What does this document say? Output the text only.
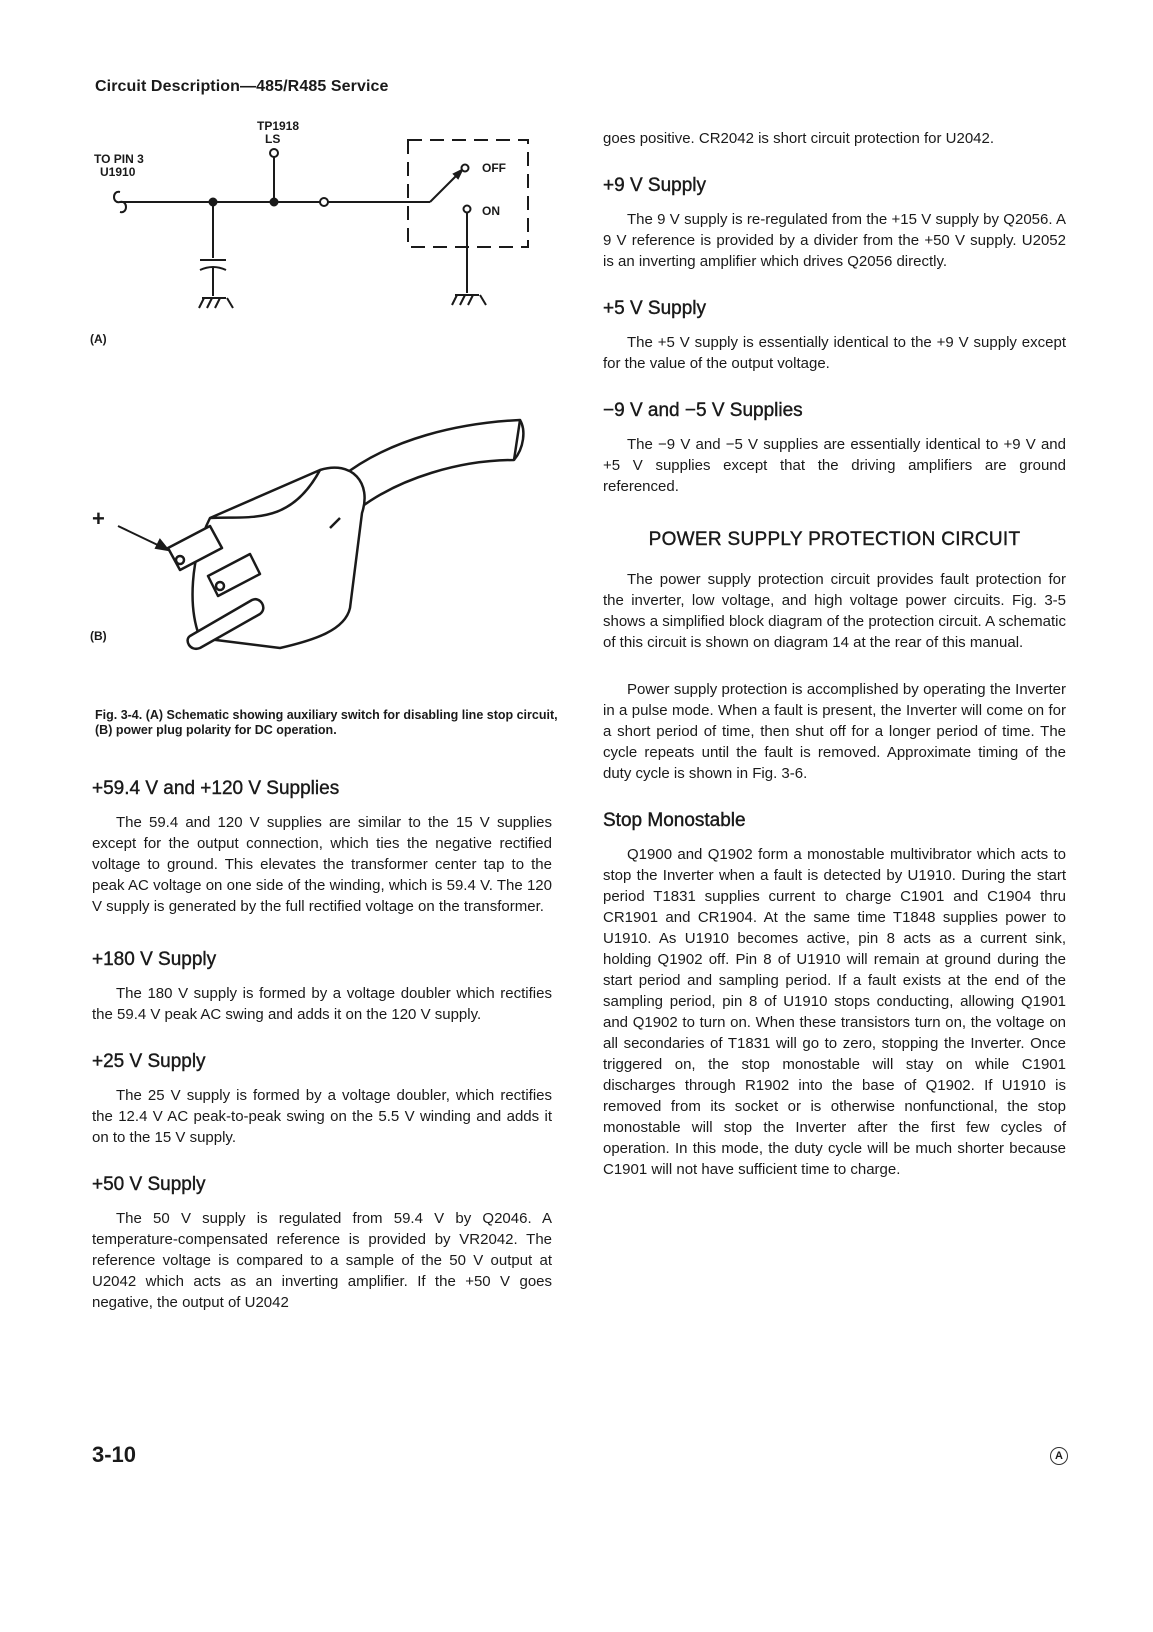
Circuit Description—485/R485 Service
TP1918
LS
TO PIN 3
U1910	OFF
ON
(A)
+
(B)
Fig. 3-4. (A) Schematic showing auxiliary switch for disabling line stop circuit, (B) power plug polarity for DC operation.
+59.4 V and +120 V Supplies

The 59.4 and 120 V supplies are similar to the 15 V supplies except for the output connection, which ties the negative rectified voltage to ground. This elevates the transformer center tap to the peak AC voltage on one side of the winding, which is 59.4 V. The 120 V supply is generated by the full rectified voltage on the transformer.

+180 V Supply

The 180 V supply is formed by a voltage doubler which rectifies the 59.4 V peak AC swing and adds it on the 120 V supply.

+25 V Supply

The 25 V supply is formed by a voltage doubler, which rectifies the 12.4 V AC peak-to-peak swing on the 5.5 V winding and adds it on to the 15 V supply.

+50 V Supply

The 50 V supply is regulated from 59.4 V by Q2046. A temperature-compensated reference is provided by VR2042. The reference voltage is compared to a sample of the 50 V output at U2042 which acts as an inverting amplifier. If the +50 V goes negative, the output of U2042

goes positive. CR2042 is short circuit protection for U2042.

+9 V Supply

The 9 V supply is re-regulated from the +15 V supply by Q2056. A 9 V reference is provided by a divider from the +50 V supply. U2052 is an inverting amplifier which drives Q2056 directly.

+5 V Supply

The +5 V supply is essentially identical to the +9 V supply except for the value of the output voltage.

−9 V and −5 V Supplies

The −9 V and −5 V supplies are essentially identical to +9 V and +5 V supplies except that the driving amplifiers are ground referenced.

POWER SUPPLY PROTECTION CIRCUIT

The power supply protection circuit provides fault protection for the inverter, low voltage, and high voltage power circuits. Fig. 3-5 shows a simplified block diagram of the protection circuit. A schematic of this circuit is shown on diagram 14 at the rear of this manual.

Power supply protection is accomplished by operating the Inverter in a pulse mode. When a fault is present, the Inverter will come on for a short period of time, then shut off for a longer period of time. The cycle repeats until the fault is removed. Approximate timing of the duty cycle is shown in Fig. 3-6.

Stop Monostable

Q1900 and Q1902 form a monostable multivibrator which acts to stop the Inverter when a fault is detected by U1910. During the start period T1831 supplies current to charge C1901 and C1904 thru CR1901 and CR1904. At the same time T1848 supplies power to U1910. As U1910 becomes active, pin 8 acts as a current sink, holding Q1902 off. Pin 8 of U1910 will remain at ground during the start period and sampling period. If a fault exists at the end of the sampling period, pin 8 of U1910 stops conducting, allowing Q1901 and Q1902 to turn on. When these transistors turn on, the voltage on all secondaries of T1831 will go to zero, stopping the Inverter. Once triggered on, the stop monostable will stay on while C1901 discharges through R1902 into the base of Q1902. If U1910 is removed from its socket or is otherwise nonfunctional, the stop monostable will stop the Inverter after the first few cycles of operation. In this mode, the duty cycle will be much shorter because C1901 will not have sufficient time to charge.

3-10	A
